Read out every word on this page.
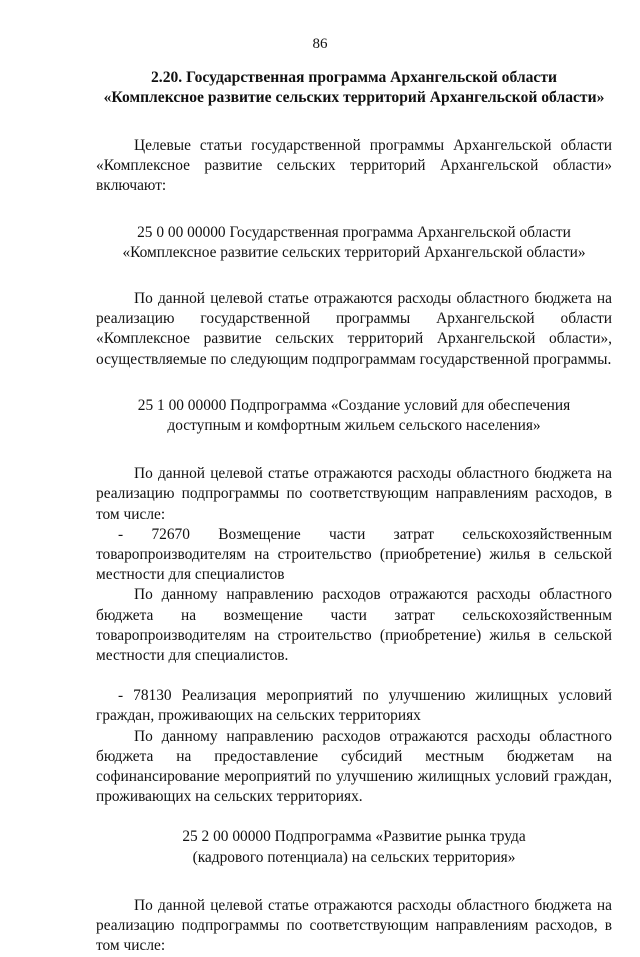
86

2.20. Государственная программа Архангельской области
«Комплексное развитие сельских территорий Архангельской области»

Целевые статьи государственной программы Архангельской области «Комплексное развитие сельских территорий Архангельской области» включают:

25 0 00 00000 Государственная программа Архангельской области
«Комплексное развитие сельских территорий Архангельской области»

По данной целевой статье отражаются расходы областного бюджета на реализацию государственной программы Архангельской области «Комплексное развитие сельских территорий Архангельской области», осуществляемые по следующим подпрограммам государственной программы.

25 1 00 00000 Подпрограмма «Создание условий для обеспечения
доступным и комфортным жильем сельского населения»

По данной целевой статье отражаются расходы областного бюджета на реализацию подпрограммы по соответствующим направлениям расходов, в том числе:

- 72670 Возмещение части затрат сельскохозяйственным товаропроизводителям на строительство (приобретение) жилья в сельской местности для специалистов

По данному направлению расходов отражаются расходы областного бюджета на возмещение части затрат сельскохозяйственным товаропроизводителям на строительство (приобретение) жилья в сельской местности для специалистов.

- 78130 Реализация мероприятий по улучшению жилищных условий граждан, проживающих на сельских территориях

По данному направлению расходов отражаются расходы областного бюджета на предоставление субсидий местным бюджетам на софинансирование мероприятий по улучшению жилищных условий граждан, проживающих на сельских территориях.

25 2 00 00000 Подпрограмма «Развитие рынка труда
(кадрового потенциала) на сельских территория»

По данной целевой статье отражаются расходы областного бюджета на реализацию подпрограммы по соответствующим направлениям расходов, в том числе:
